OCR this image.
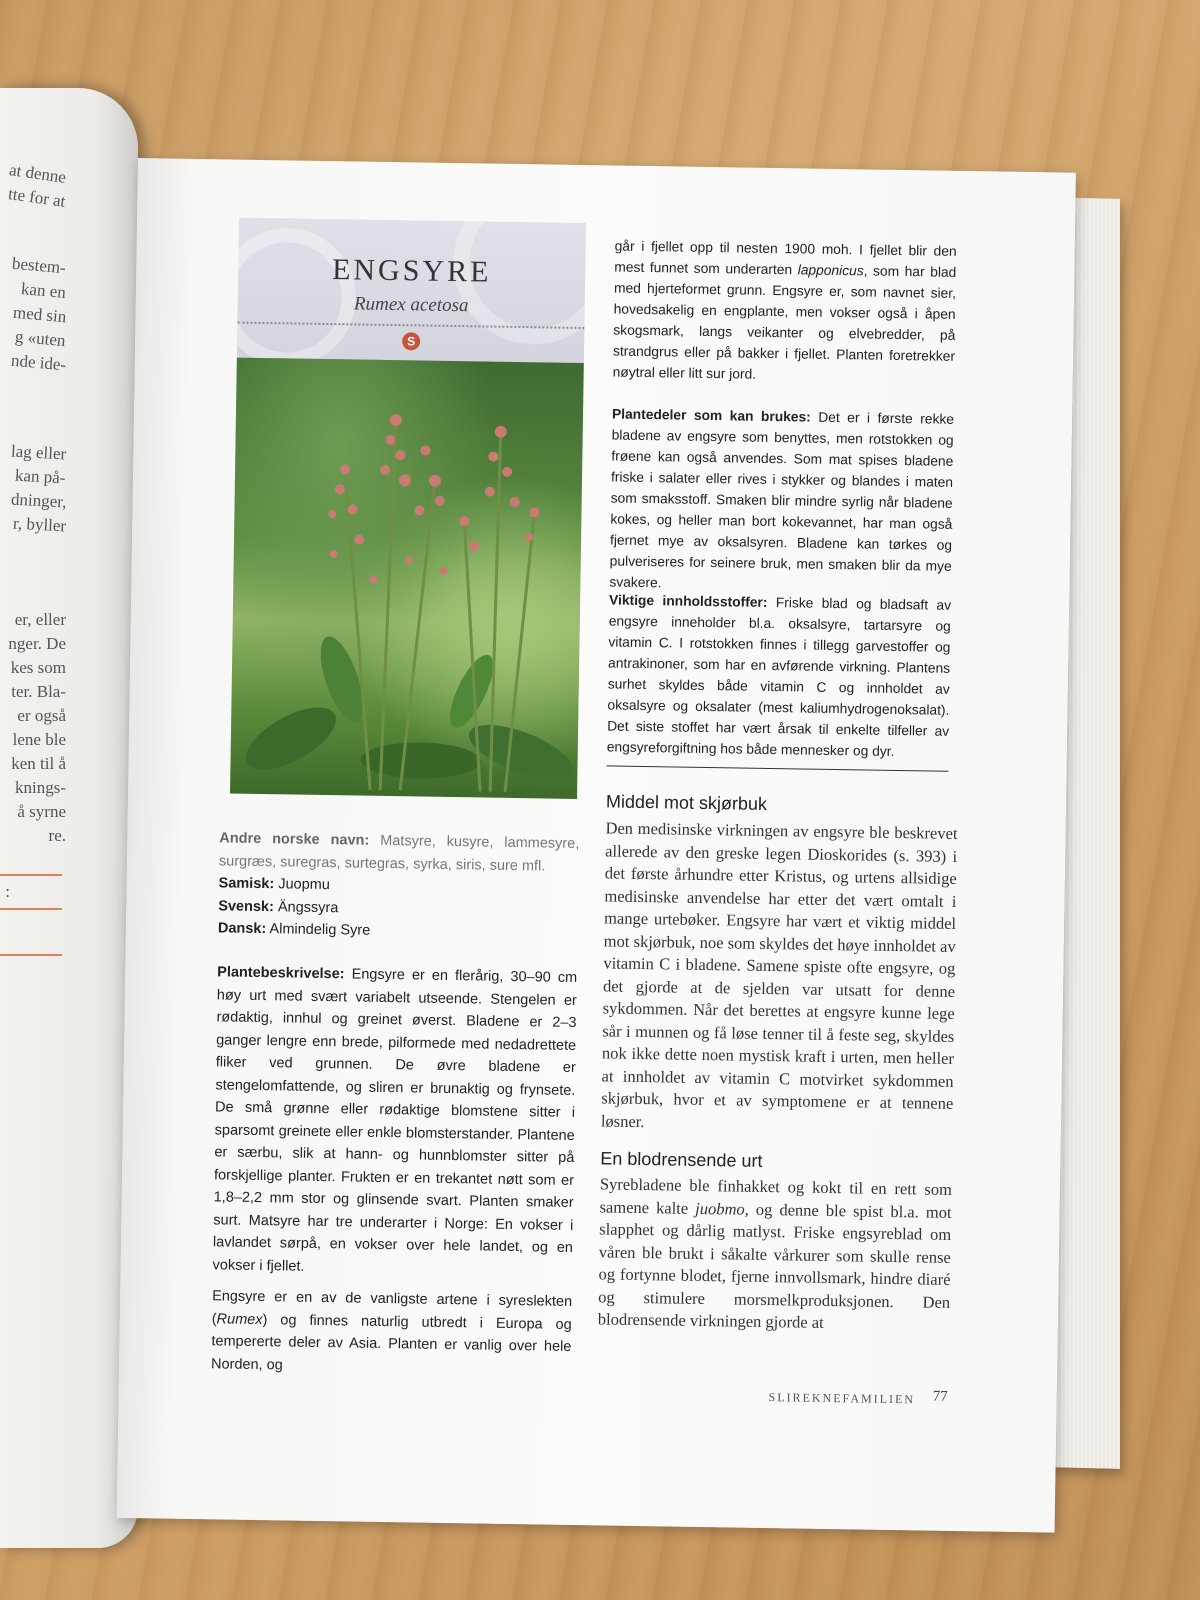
at denne
tte for at
bestem-
kan en
med sin
g «uten
nde ide-
lag eller
kan på-
dninger,
r, byller
er, eller
nger. De
kes som
ter. Bla-
er også
lene ble
ken til å
knings-
å syrne
re.
:
ENGSYRE
Rumex acetosa
S
Andre norske navn: Matsyre, kusyre, lammesyre, surgræs, suregras, surtegras, syrka, siris, sure mfl.
Samisk: Juopmu
Svensk: Ängssyra
Dansk: Almindelig Syre
Plantebeskrivelse: Engsyre er en flerårig, 30–90 cm høy urt med svært variabelt utseende. Stengelen er rødaktig, innhul og greinet øverst. Bladene er 2–3 ganger lengre enn brede, pilformede med nedadrettete fliker ved grunnen. De øvre bladene er stengelomfattende, og sliren er brunaktig og frynsete. De små grønne eller rødaktige blomstene sitter i sparsomt greinete eller enkle blomsterstander. Plantene er særbu, slik at hann- og hunnblomster sitter på forskjellige planter. Frukten er en trekantet nøtt som er 1,8–2,2 mm stor og glinsende svart. Planten smaker surt. Matsyre har tre underarter i Norge: En vokser i lavlandet sørpå, en vokser over hele landet, og en vokser i fjellet.
Engsyre er en av de vanligste artene i syreslekten (Rumex) og finnes naturlig utbredt i Europa og tempererte deler av Asia. Planten er vanlig over hele Norden, og
går i fjellet opp til nesten 1900 moh. I fjellet blir den mest funnet som underarten lapponicus, som har blad med hjerteformet grunn. Engsyre er, som navnet sier, hovedsakelig en engplante, men vokser også i åpen skogsmark, langs veikanter og elvebredder, på strandgrus eller på bakker i fjellet. Planten foretrekker nøytral eller litt sur jord.
Plantedeler som kan brukes: Det er i første rekke bladene av engsyre som benyttes, men rotstokken og frøene kan også anvendes. Som mat spises bladene friske i salater eller rives i stykker og blandes i maten som smaksstoff. Smaken blir mindre syrlig når bladene kokes, og heller man bort kokevannet, har man også fjernet mye av oksalsyren. Bladene kan tørkes og pulveriseres for seinere bruk, men smaken blir da mye svakere.
Viktige innholdsstoffer: Friske blad og bladsaft av engsyre inneholder bl.a. oksalsyre, tartarsyre og vitamin C. I rotstokken finnes i tillegg garvestoffer og antrakinoner, som har en avførende virkning. Plantens surhet skyldes både vitamin C og innholdet av oksalsyre og oksalater (mest kaliumhydrogenoksalat). Det siste stoffet har vært årsak til enkelte tilfeller av engsyreforgiftning hos både mennesker og dyr.
Middel mot skjørbuk
Den medisinske virkningen av engsyre ble beskrevet allerede av den greske legen Dioskorides (s. 393) i det første århundre etter Kristus, og urtens allsidige medisinske anvendelse har etter det vært omtalt i mange urtebøker. Engsyre har vært et viktig middel mot skjørbuk, noe som skyldes det høye innholdet av vitamin C i bladene. Samene spiste ofte engsyre, og det gjorde at de sjelden var utsatt for denne sykdommen. Når det berettes at engsyre kunne lege sår i munnen og få løse tenner til å feste seg, skyldes nok ikke dette noen mystisk kraft i urten, men heller at innholdet av vitamin C motvirket sykdommen skjørbuk, hvor et av symptomene er at tennene løsner.
En blodrensende urt
Syrebladene ble finhakket og kokt til en rett som samene kalte juobmo, og denne ble spist bl.a. mot slapphet og dårlig matlyst. Friske engsyreblad om våren ble brukt i såkalte vårkurer som skulle rense og fortynne blodet, fjerne innvollsmark, hindre diaré og stimulere morsmelkproduksjonen. Den blodrensende virkningen gjorde at
SLIREKNEFAMILIEN 77
